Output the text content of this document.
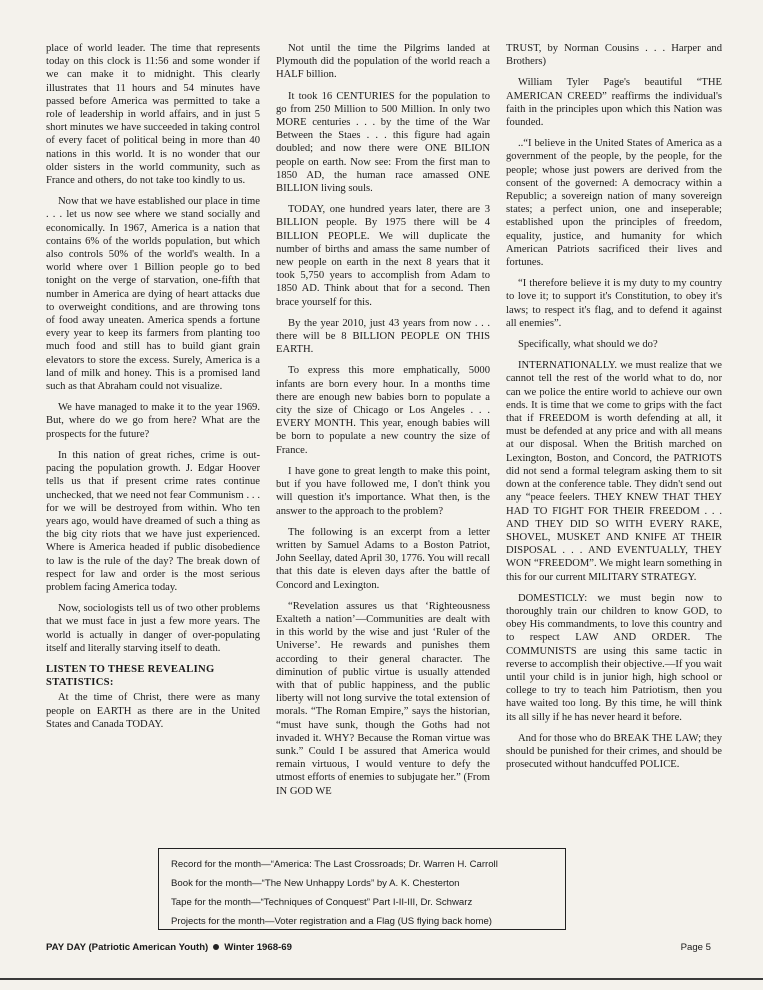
place of world leader. The time that represents today on this clock is 11:56 and some wonder if we can make it to midnight. This clearly illustrates that 11 hours and 54 minutes have passed before America was permitted to take a role of leadership in world affairs, and in just 5 short minutes we have succeeded in taking control of every facet of political being in more than 40 nations in this world. It is no wonder that our older sisters in the world community, such as France and others, do not take too kindly to us.

Now that we have established our place in time . . . let us now see where we stand socially and economically. In 1967, America is a nation that contains 6% of the worlds population, but which also controls 50% of the world's wealth. In a world where over 1 Billion people go to bed tonight on the verge of starvation, one-fifth that number in America are dying of heart attacks due to overweight conditions, and are throwing tons of food away uneaten. America spends a fortune every year to keep its farmers from planting too much food and still has to build giant grain elevators to store the excess. Surely, America is a land of milk and honey. This is a promised land such as that Abraham could not visualize.

We have managed to make it to the year 1969. But, where do we go from here? What are the prospects for the future?

In this nation of great riches, crime is out-pacing the population growth. J. Edgar Hoover tells us that if present crime rates continue unchecked, that we need not fear Communism . . . for we will be destroyed from within. Who ten years ago, would have dreamed of such a thing as the big city riots that we have just experienced. Where is America headed if public disobedience to law is the rule of the day? The break down of respect for law and order is the most serious problem facing America today.

Now, sociologists tell us of two other problems that we must face in just a few more years. The world is actually in danger of over-populating itself and literally starving itself to death.

LISTEN TO THESE REVEALING STATISTICS:

At the time of Christ, there were as many people on EARTH as there are in the United States and Canada TODAY.

Not until the time the Pilgrims landed at Plymouth did the population of the world reach a HALF billion.

It took 16 CENTURIES for the population to go from 250 Million to 500 Million. In only two MORE centuries . . . by the time of the War Between the Staes . . . this figure had again doubled; and now there were ONE BILION people on earth. Now see: From the first man to 1850 AD, the human race amassed ONE BILLION living souls.

TODAY, one hundred years later, there are 3 BILLION people. By 1975 there will be 4 BILLION PEOPLE. We will duplicate the number of births and amass the same number of new people on earth in the next 8 years that it took 5,750 years to accomplish from Adam to 1850 AD. Think about that for a second. Then brace yourself for this.

By the year 2010, just 43 years from now . . . there will be 8 BILLION PEOPLE ON THIS EARTH.

To express this more emphatically, 5000 infants are born every hour. In a months time there are enough new babies born to populate a city the size of Chicago or Los Angeles . . . EVERY MONTH. This year, enough babies will be born to populate a new country the size of France.

I have gone to great length to make this point, but if you have followed me, I don't think you will question it's importance. What then, is the answer to the approach to the problem?

The following is an excerpt from a letter written by Samuel Adams to a Boston Patriot, John Seellay, dated April 30, 1776. You will recall that this date is eleven days after the battle of Concord and Lexington.

“Revelation assures us that ‘Righteousness Exalteth a nation’—Communities are dealt with in this world by the wise and just ‘Ruler of the Universe’. He rewards and punishes them according to their general character. The diminution of public virtue is usually attended with that of public happiness, and the public liberty will not long survive the total extension of morals. “The Roman Empire,” says the historian, “must have sunk, though the Goths had not invaded it. WHY? Because the Roman virtue was sunk.” Could I be assured that America would remain virtuous, I would venture to defy the utmost efforts of enemies to subjugate her.” (From IN GOD WE

TRUST, by Norman Cousins . . . Harper and Brothers)

William Tyler Page's beautiful “THE AMERICAN CREED” reaffirms the individual's faith in the principles upon which this Nation was founded.

..“I believe in the United States of America as a government of the people, by the people, for the people; whose just powers are derived from the consent of the governed: A democracy within a Republic; a sovereign nation of many sovereign states; a perfect union, one and inseperable; established upon the principles of freedom, equality, justice, and humanity for which American Patriots sacrificed their lives and fortunes.

“I therefore believe it is my duty to my country to love it; to support it's Constitution, to obey it's laws; to respect it's flag, and to defend it against all enemies”.

Specifically, what should we do?

INTERNATIONALLY. we must realize that we cannot tell the rest of the world what to do, nor can we police the entire world to achieve our own ends. It is time that we come to grips with the fact that if FREEDOM is worth defending at all, it must be defended at any price and with all means at our disposal. When the British marched on Lexington, Boston, and Concord, the PATRIOTS did not send a formal telegram asking them to sit down at the conference table. They didn't send out any “peace feelers. THEY KNEW THAT THEY HAD TO FIGHT FOR THEIR FREEDOM . . . AND THEY DID SO WITH EVERY RAKE, SHOVEL, MUSKET AND KNIFE AT THEIR DISPOSAL . . . AND EVENTUALLY, THEY WON “FREEDOM”. We might learn something in this for our current MILITARY STRATEGY.

DOMESTICLY: we must begin now to thoroughly train our children to know GOD, to obey His commandments, to love this country and to respect LAW AND ORDER. The COMMUNISTS are using this same tactic in reverse to accomplish their objective.—If you wait until your child is in junior high, high school or college to try to teach him Patriotism, then you have waited too long. By this time, he will think its all silly if he has never heard it before.

And for those who do BREAK THE LAW; they should be punished for their crimes, and should be prosecuted without handcuffed POLICE.

Record for the month—“America: The Last Crossroads; Dr. Warren H. Carroll
Book for the month—“The New Unhappy Lords” by A. K. Chesterton
Tape for the month—“Techniques of Conquest” Part I-II-III, Dr. Schwarz
Projects for the month—Voter registration and a Flag (US flying back home)
PAY DAY (Patriotic American Youth) Winter 1968-69	Page 5
